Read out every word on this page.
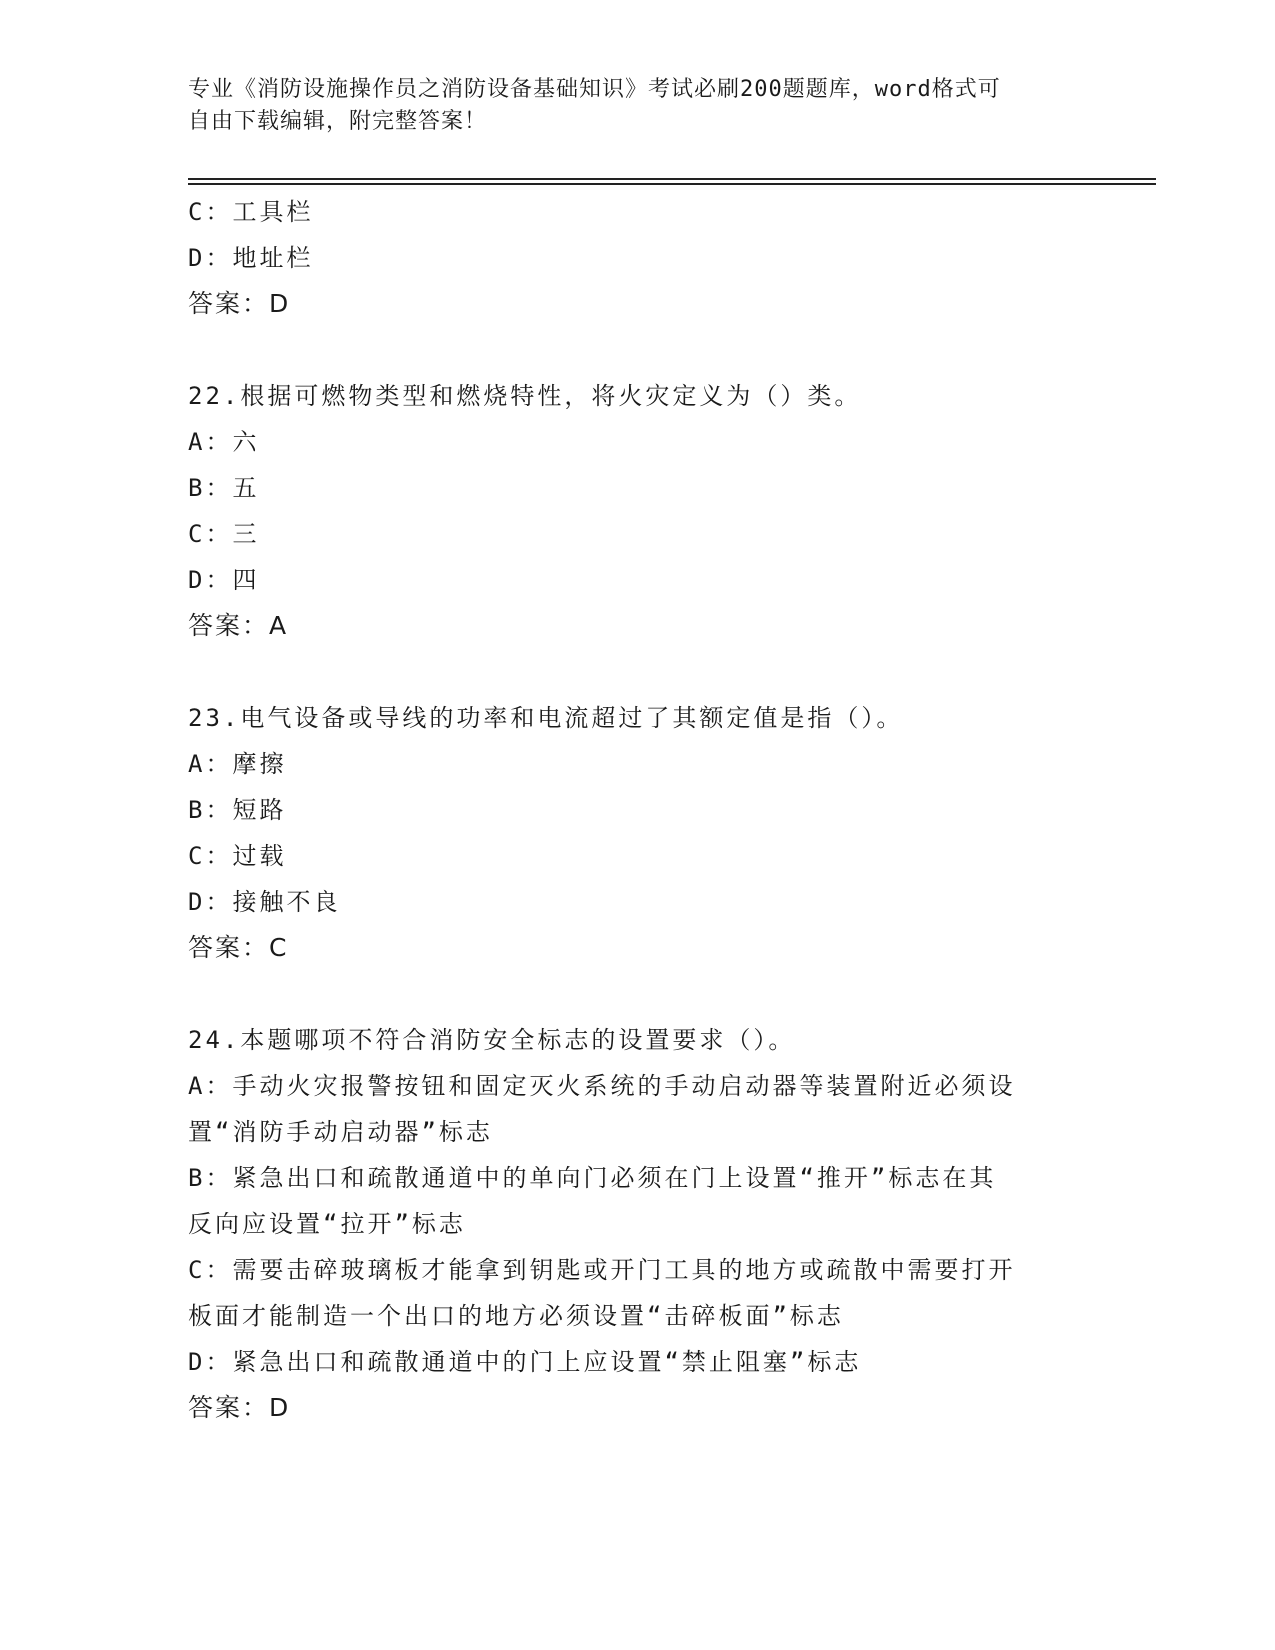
专业《消防设施操作员之消防设备基础知识》考试必刷200题题库，word格式可
自由下载编辑，附完整答案！
C：工具栏
D：地址栏
答案：D
22.根据可燃物类型和燃烧特性，将火灾定义为（）类。
A：六
B：五
C：三
D：四
答案：A
23.电气设备或导线的功率和电流超过了其额定值是指（）。
A：摩擦
B：短路
C：过载
D：接触不良
答案：C
24.本题哪项不符合消防安全标志的设置要求（）。
A：手动火灾报警按钮和固定灭火系统的手动启动器等装置附近必须设
置“消防手动启动器”标志
B：紧急出口和疏散通道中的单向门必须在门上设置“推开”标志在其
反向应设置“拉开”标志
C：需要击碎玻璃板才能拿到钥匙或开门工具的地方或疏散中需要打开
板面才能制造一个出口的地方必须设置“击碎板面”标志
D：紧急出口和疏散通道中的门上应设置“禁止阻塞”标志
答案：D
